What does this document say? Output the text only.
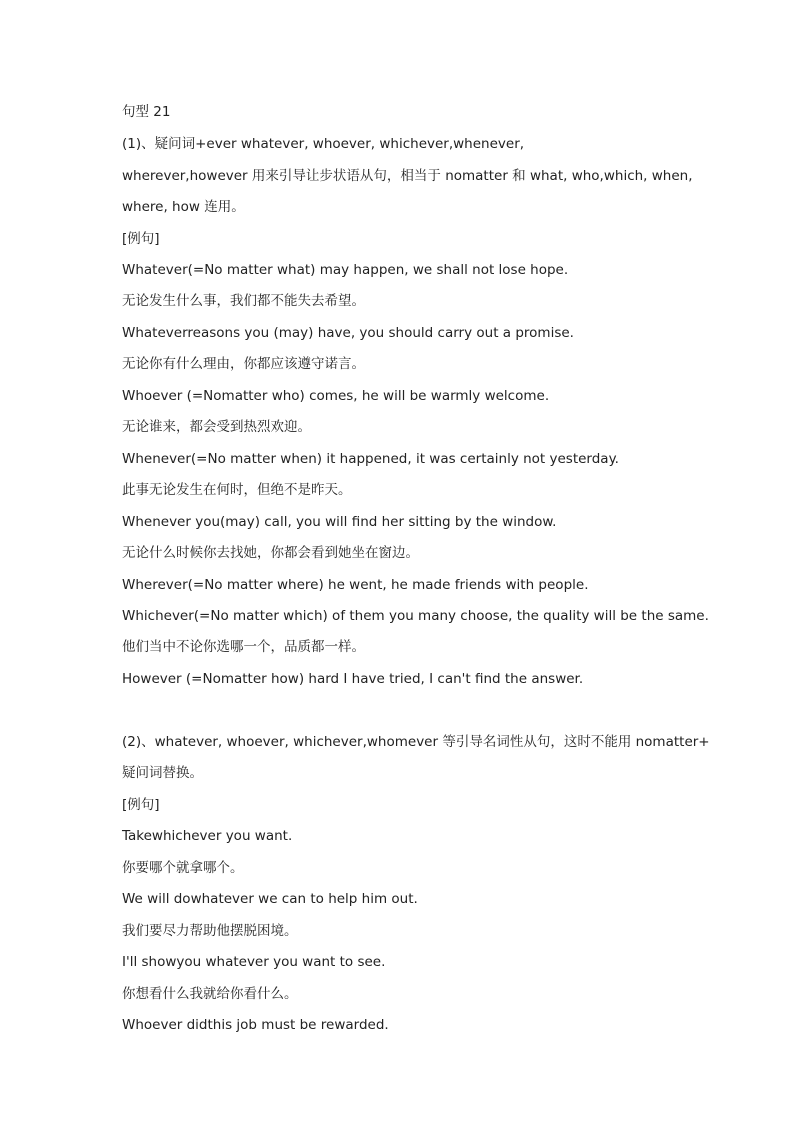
句型 21

(1)、疑问词+ever whatever, whoever, whichever,whenever,

wherever,however 用来引导让步状语从句，相当于 nomatter 和 what, who,which, when,

where, how 连用。

[例句]

Whatever(=No matter what) may happen, we shall not lose hope.

无论发生什么事，我们都不能失去希望。

Whateverreasons you (may) have, you should carry out a promise.

无论你有什么理由，你都应该遵守诺言。

Whoever (=Nomatter who) comes, he will be warmly welcome.

无论谁来，都会受到热烈欢迎。

Whenever(=No matter when) it happened, it was certainly not yesterday.

此事无论发生在何时，但绝不是昨天。

Whenever you(may) call, you will find her sitting by the window.

无论什么时候你去找她，你都会看到她坐在窗边。

Wherever(=No matter where) he went, he made friends with people.

Whichever(=No matter which) of them you many choose, the quality will be the same.

他们当中不论你选哪一个，品质都一样。

However (=Nomatter how) hard I have tried, I can't find the answer.

(2)、whatever, whoever, whichever,whomever 等引导名词性从句，这时不能用 nomatter+

疑问词替换。

[例句]

Takewhichever you want.

你要哪个就拿哪个。

We will dowhatever we can to help him out.

我们要尽力帮助他摆脱困境。

I'll showyou whatever you want to see.

你想看什么我就给你看什么。

Whoever didthis job must be rewarded.
